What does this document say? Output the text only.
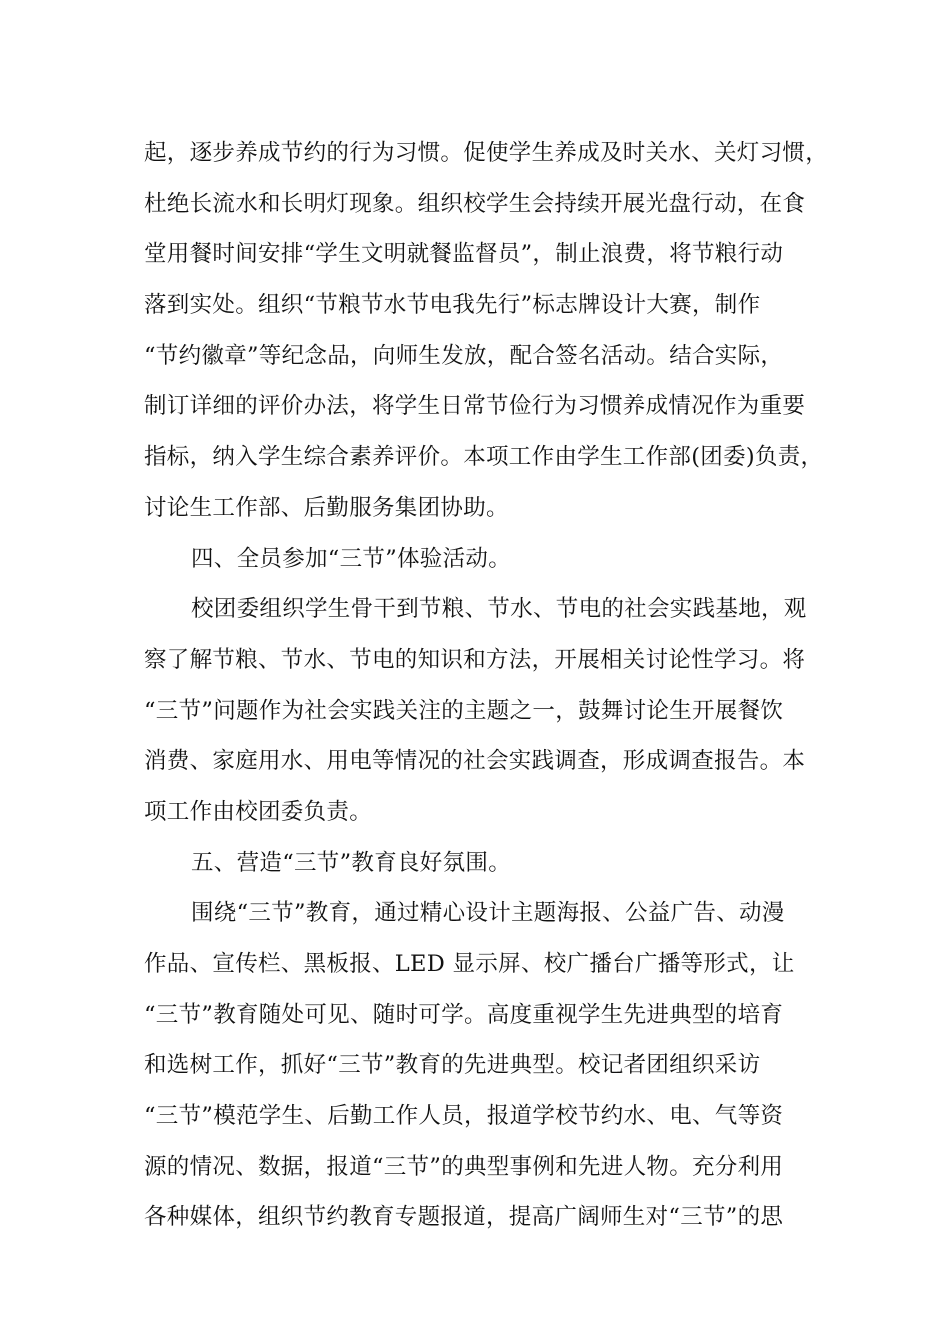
起，逐步养成节约的行为习惯。促使学生养成及时关水、关灯习惯，
杜绝长流水和长明灯现象。组织校学生会持续开展光盘行动，在食
堂用餐时间安排“学生文明就餐监督员”，制止浪费，将节粮行动
落到实处。组织“节粮节水节电我先行”标志牌设计大赛，制作
“节约徽章”等纪念品，向师生发放，配合签名活动。结合实际，
制订详细的评价办法，将学生日常节俭行为习惯养成情况作为重要
指标，纳入学生综合素养评价。本项工作由学生工作部(团委)负责，
讨论生工作部、后勤服务集团协助。
四、全员参加“三节”体验活动。
校团委组织学生骨干到节粮、节水、节电的社会实践基地，观
察了解节粮、节水、节电的知识和方法，开展相关讨论性学习。将
“三节”问题作为社会实践关注的主题之一，鼓舞讨论生开展餐饮
消费、家庭用水、用电等情况的社会实践调查，形成调查报告。本
项工作由校团委负责。
五、营造“三节”教育良好氛围。
围绕“三节”教育，通过精心设计主题海报、公益广告、动漫
作品、宣传栏、黑板报、LED 显示屏、校广播台广播等形式，让
“三节”教育随处可见、随时可学。高度重视学生先进典型的培育
和选树工作，抓好“三节”教育的先进典型。校记者团组织采访
“三节”模范学生、后勤工作人员，报道学校节约水、电、气等资
源的情况、数据，报道“三节”的典型事例和先进人物。充分利用
各种媒体，组织节约教育专题报道，提高广阔师生对“三节”的思
